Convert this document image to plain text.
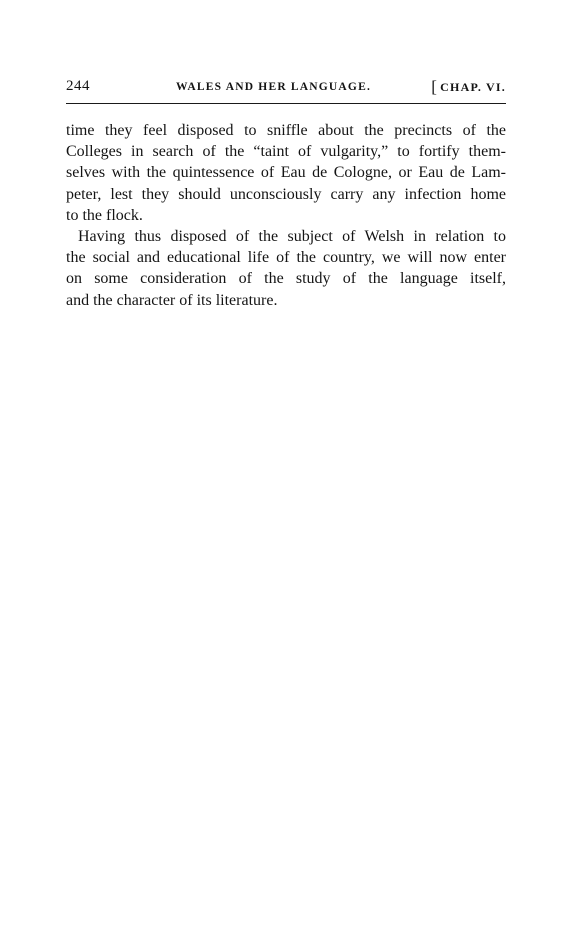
244	WALES AND HER LANGUAGE.	[ CHAP. VI.
time they feel disposed to sniffle about the precincts of the
Colleges in search of the “taint of vulgarity,” to fortify them-
selves with the quintessence of Eau de Cologne, or Eau de Lam-
peter, lest they should unconsciously carry any infection home
to the flock.
Having thus disposed of the subject of Welsh in relation to
the social and educational life of the country, we will now enter
on some consideration of the study of the language itself,
and the character of its literature.
